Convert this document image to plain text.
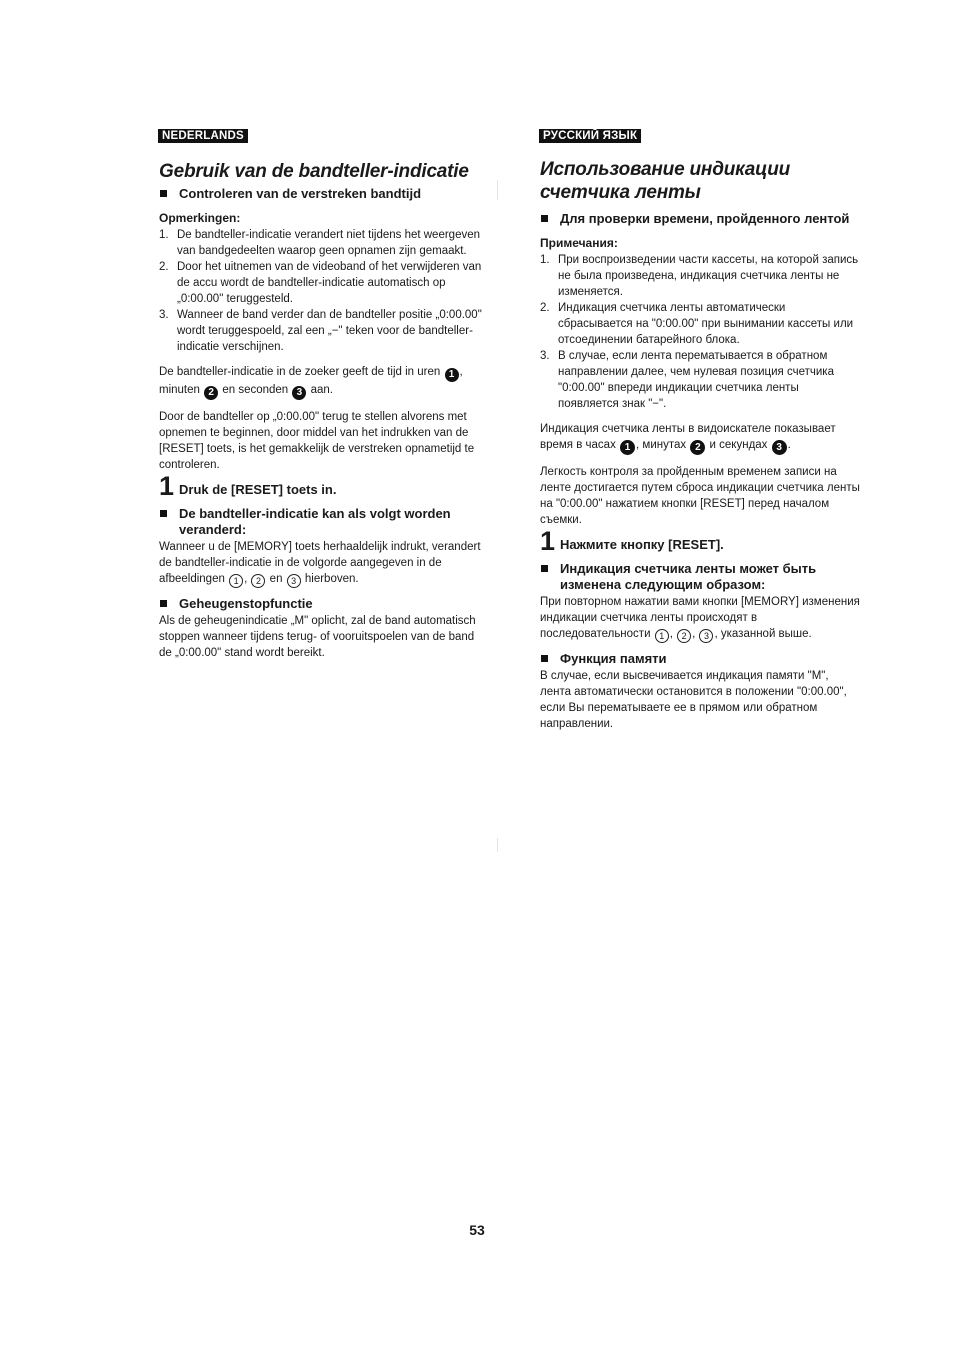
NEDERLANDS
Gebruik van de bandteller-indicatie
Controleren van de verstreken bandtijd
Opmerkingen:
1. De bandteller-indicatie verandert niet tijdens het weergeven van bandgedeelten waarop geen opnamen zijn gemaakt.
2. Door het uitnemen van de videoband of het verwijderen van de accu wordt de bandteller-indicatie automatisch op „0:00.00" teruggesteld.
3. Wanneer de band verder dan de bandteller positie „0:00.00" wordt teruggespoeld, zal een „−" teken voor de bandteller-indicatie verschijnen.
De bandteller-indicatie in de zoeker geeft de tijd in uren 1 , minuten 2 en seconden 3 aan.
Door de bandteller op „0:00.00" terug te stellen alvorens met opnemen te beginnen, door middel van het indrukken van de [RESET] toets, is het gemakkelijk de verstreken opnametijd te controleren.
1 Druk de [RESET] toets in.
De bandteller-indicatie kan als volgt worden veranderd:
Wanneer u de [MEMORY] toets herhaaldelijk indrukt, verandert de bandteller-indicatie in de volgorde aangegeven in de afbeeldingen 1 , 2 en 3 hierboven.
Geheugenstopfunctie
Als de geheugenindicatie „M" oplicht, zal de band automatisch stoppen wanneer tijdens terug- of vooruitspoelen van de band de „0:00.00" stand wordt bereikt.
РУССКИЙ ЯЗЫК
Использование индикации
счетчика ленты
Для проверки времени, пройденного лентой
Примечания:
1. При воспроизведении части кассеты, на которой запись не была произведена, индикация счетчика ленты не изменяется.
2. Индикация счетчика ленты автоматически сбрасывается на "0:00.00" при вынимании кассеты или отсоединении батарейного блока.
3. В случае, если лента перематывается в обратном направлении далее, чем нулевая позиция счетчика "0:00.00" впереди индикации счетчика ленты появляется знак "−".
Индикация счетчика ленты в видоискателе показывает время в часах 1 , минутах 2 и секундах 3 .
Легкость контроля за пройденным временем записи на ленте достигается путем сброса индикации счетчика ленты на "0:00.00" нажатием кнопки [RESET] перед началом съемки.
1 Нажмите кнопку [RESET].
Индикация счетчика ленты может быть изменена следующим образом:
При повторном нажатии вами кнопки [MEMORY] изменения индикации счетчика ленты происходят в последовательности 1 , 2 , 3 , указанной выше.
Функция памяти
В случае, если высвечивается индикация памяти "M", лента автоматически остановится в положении "0:00.00", если Вы перематываете ее в прямом или обратном направлении.
53
